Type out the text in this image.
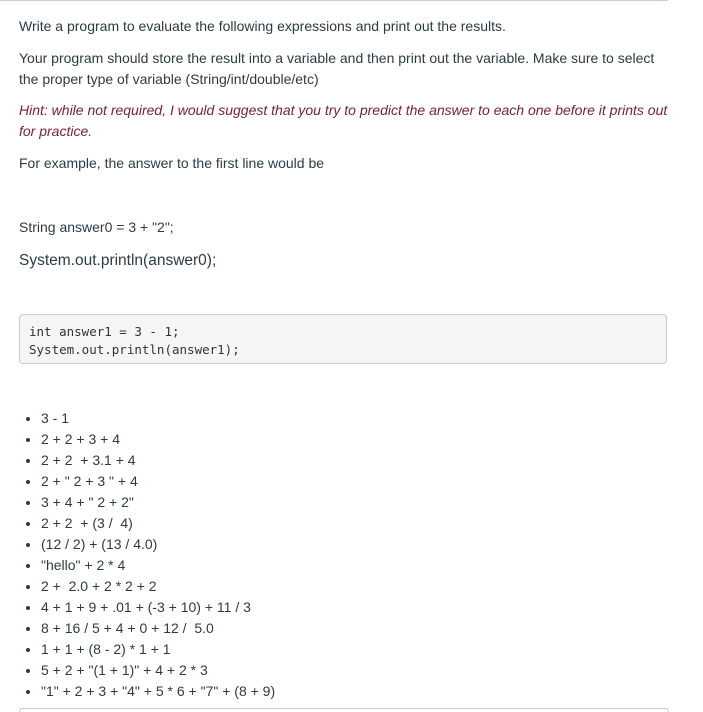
Write a program to evaluate the following expressions and print out the results.

Your program should store the result into a variable and then print out the variable. Make sure to select the proper type of variable (String/int/double/etc)

Hint: while not required, I would suggest that you try to predict the answer to each one before it prints out for practice.

For example, the answer to the first line would be

String answer0 = 3 + "2";
System.out.println(answer0);
int answer1 = 3 - 1;
System.out.println(answer1);
3 - 1
2 + 2 + 3 + 4
2 + 2  + 3.1 + 4
2 + " 2 + 3 " + 4
3 + 4 + " 2 + 2"
2 + 2  + (3 /  4)
(12 / 2) + (13 / 4.0)
"hello" + 2 * 4
2 +  2.0 + 2 * 2 + 2
4 + 1 + 9 + .01 + (-3 + 10) + 11 / 3
8 + 16 / 5 + 4 + 0 + 12 /  5.0
1 + 1 + (8 - 2) * 1 + 1
5 + 2 + "(1 + 1)" + 4 + 2 * 3
"1" + 2 + 3 + "4" + 5 * 6 + "7" + (8 + 9)
